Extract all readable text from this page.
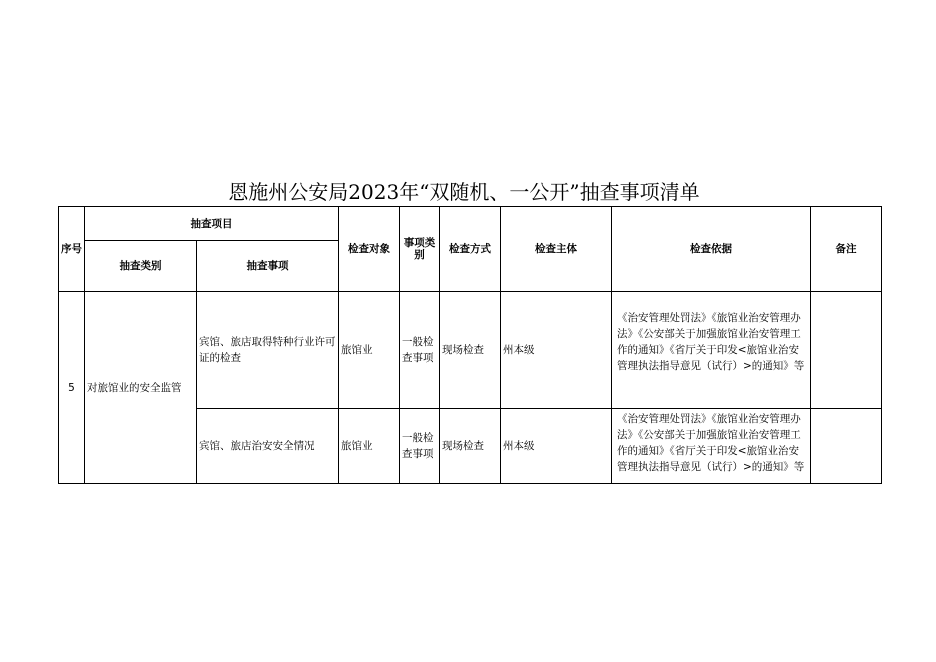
恩施州公安局2023年“双随机、一公开”抽查事项清单
序号	抽查项目		检查对象	事项类别	检查方式	检查主体	检查依据	备注
	抽查类别	抽查事项						
5	对旅馆业的安全监管	宾馆、旅店取得特种行业许可证的检查	旅馆业	一般检查事项	现场检查	州本级	《治安管理处罚法》《旅馆业治安管理办法》《公安部关于加强旅馆业治安管理工作的通知》《省厅关于印发<旅馆业治安管理执法指导意见（试行）>的通知》等	

		宾馆、旅店治安安全情况	旅馆业	一般检查事项	现场检查	州本级	《治安管理处罚法》《旅馆业治安管理办法》《公安部关于加强旅馆业治安管理工作的通知》《省厅关于印发<旅馆业治安管理执法指导意见（试行）>的通知》等	
